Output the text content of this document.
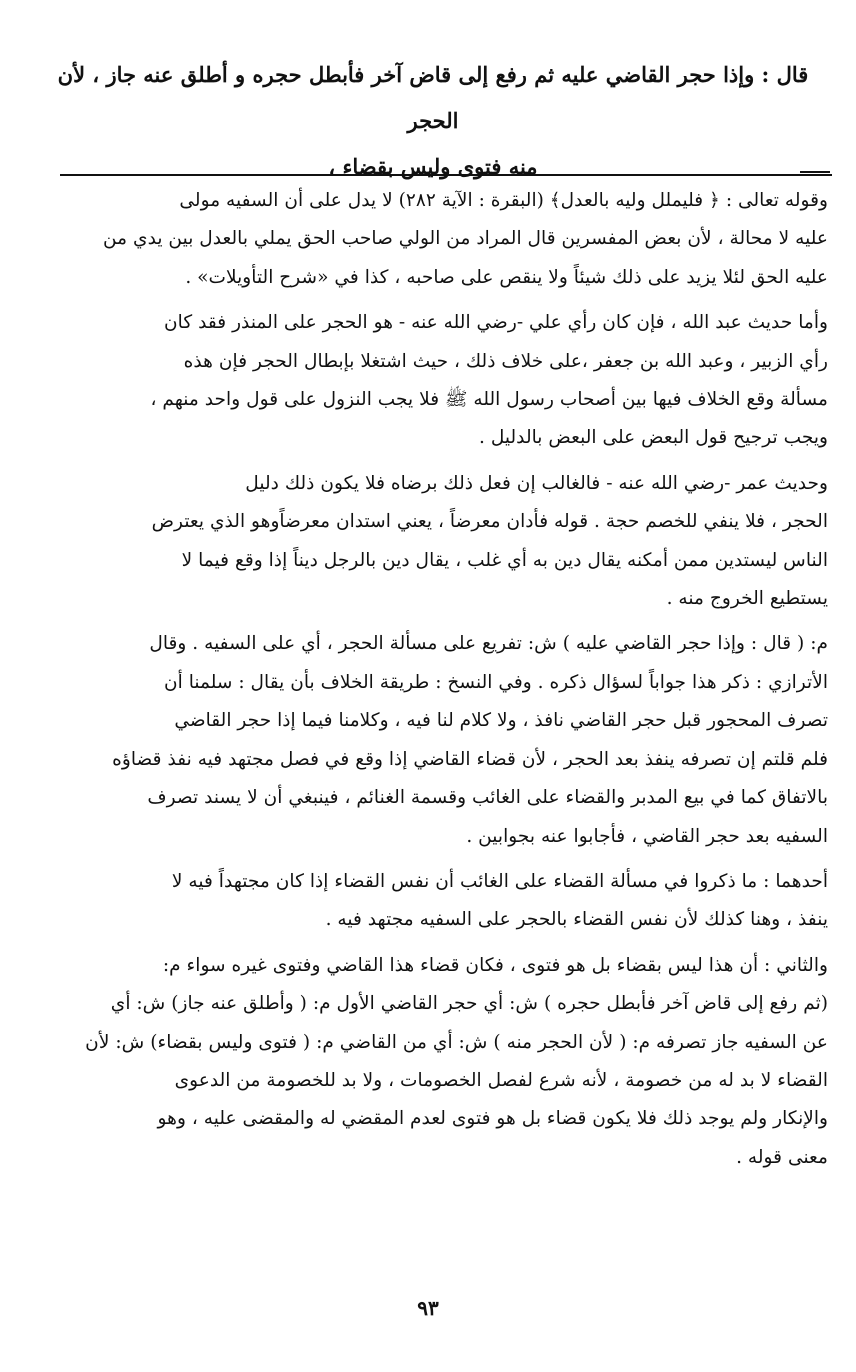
قال : وإذا حجر القاضي عليه ثم رفع إلى قاض آخر فأبطل حجره و أطلق عنه جاز ، لأن الحجر
منه فتوى وليس بقضاء ،
وقوله تعالى : ﴿ فليملل وليه بالعدل﴾ (البقرة : الآية ٢٨٢) لا يدل على أن السفيه مولى
عليه لا محالة ، لأن بعض المفسرين قال المراد من الولي صاحب الحق يملي بالعدل بين يدي من
عليه الحق لئلا يزيد على ذلك شيئاً ولا ينقص على صاحبه ، كذا في «شرح التأويلات» .
وأما حديث عبد الله ، فإن كان رأي علي -رضي الله عنه - هو الحجر على المنذر فقد كان
رأي الزبير ، وعبد الله بن جعفر ،على خلاف ذلك ، حيث اشتغلا بإبطال الحجر فإن هذه
مسألة وقع الخلاف فيها بين أصحاب رسول الله ﷺ فلا يجب النزول على قول واحد منهم ،
ويجب ترجيح قول البعض على البعض بالدليل .
وحديث عمر -رضي الله عنه - فالغالب إن فعل ذلك برضاه فلا يكون ذلك دليل
الحجر ، فلا ينفي للخصم حجة . قوله فأدان معرضاً ، يعني استدان معرضاًوهو الذي يعترض
الناس ليستدين ممن أمكنه يقال دين به أي غلب ، يقال دين بالرجل ديناً إذا وقع فيما لا
يستطيع الخروج منه .
م: ( قال : وإذا حجر القاضي عليه ) ش: تفريع على مسألة الحجر ، أي على السفيه . وقال
الأترازي : ذكر هذا جواباً لسؤال ذكره . وفي النسخ : طريقة الخلاف بأن يقال : سلمنا أن
تصرف المحجور قبل حجر القاضي نافذ ، ولا كلام لنا فيه ، وكلامنا فيما إذا حجر القاضي
فلم قلتم إن تصرفه ينفذ بعد الحجر ، لأن قضاء القاضي إذا وقع في فصل مجتهد فيه نفذ قضاؤه
بالاتفاق كما في بيع المدبر والقضاء على الغائب وقسمة الغنائم ، فينبغي أن لا يسند تصرف
السفيه بعد حجر القاضي ، فأجابوا عنه بجوابين .
أحدهما : ما ذكروا في مسألة القضاء على الغائب أن نفس القضاء إذا كان مجتهداً فيه لا
ينفذ ، وهنا كذلك لأن نفس القضاء بالحجر على السفيه مجتهد فيه .
والثاني : أن هذا ليس بقضاء بل هو فتوى ، فكان قضاء هذا القاضي وفتوى غيره سواء م:
(ثم رفع إلى قاض آخر فأبطل حجره ) ش: أي حجر القاضي الأول م: ( وأطلق عنه جاز) ش: أي
عن السفيه جاز تصرفه م: ( لأن الحجر منه ) ش: أي من القاضي م: ( فتوى وليس بقضاء) ش: لأن
القضاء لا بد له من خصومة ، لأنه شرع لفصل الخصومات ، ولا بد للخصومة من الدعوى
والإنكار ولم يوجد ذلك فلا يكون قضاء بل هو فتوى لعدم المقضي له والمقضى عليه ، وهو
معنى قوله .
٩٣
